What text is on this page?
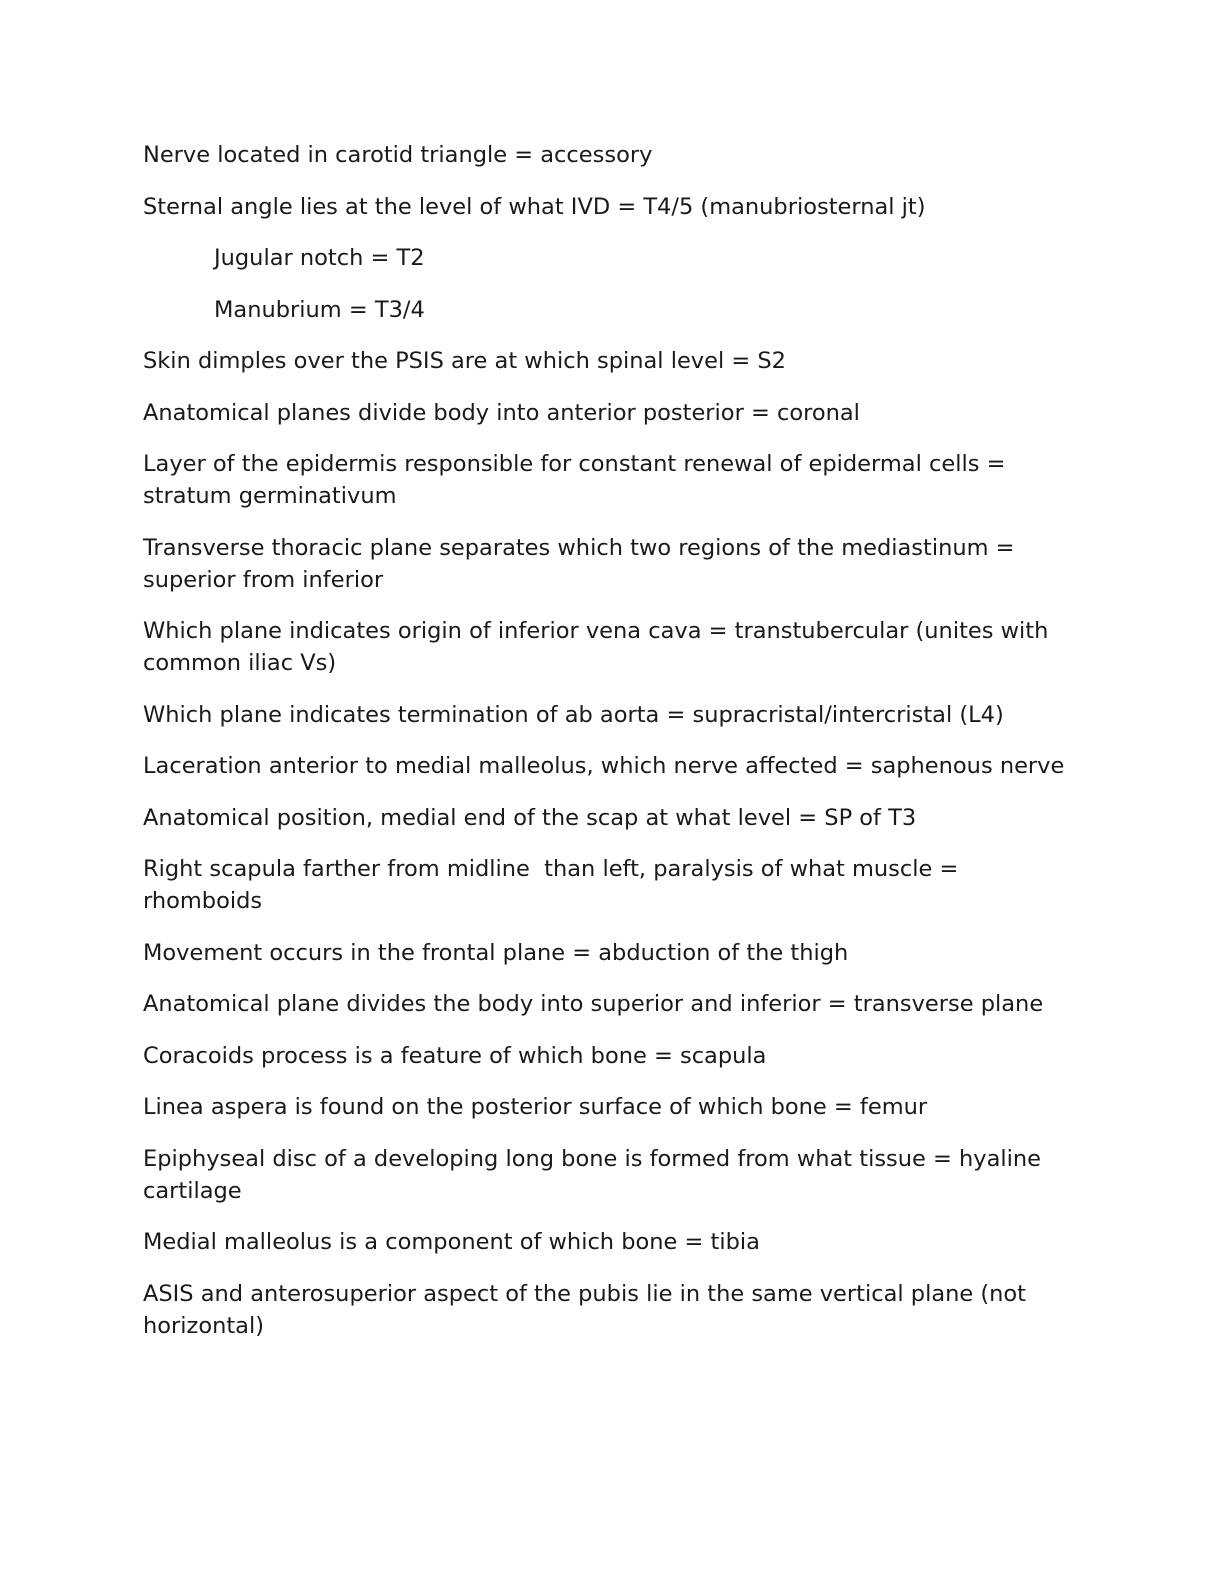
Nerve located in carotid triangle = accessory

Sternal angle lies at the level of what IVD = T4/5 (manubriosternal jt)

Jugular notch = T2

Manubrium = T3/4

Skin dimples over the PSIS are at which spinal level = S2

Anatomical planes divide body into anterior posterior = coronal

Layer of the epidermis responsible for constant renewal of epidermal cells = stratum germinativum

Transverse thoracic plane separates which two regions of the mediastinum = superior from inferior

Which plane indicates origin of inferior vena cava = transtubercular (unites with common iliac Vs)

Which plane indicates termination of ab aorta = supracristal/intercristal (L4)

Laceration anterior to medial malleolus, which nerve affected = saphenous nerve

Anatomical position, medial end of the scap at what level = SP of T3

Right scapula farther from midline  than left, paralysis of what muscle = rhomboids

Movement occurs in the frontal plane = abduction of the thigh

Anatomical plane divides the body into superior and inferior = transverse plane

Coracoids process is a feature of which bone = scapula

Linea aspera is found on the posterior surface of which bone = femur

Epiphyseal disc of a developing long bone is formed from what tissue = hyaline cartilage

Medial malleolus is a component of which bone = tibia

ASIS and anterosuperior aspect of the pubis lie in the same vertical plane (not horizontal)
